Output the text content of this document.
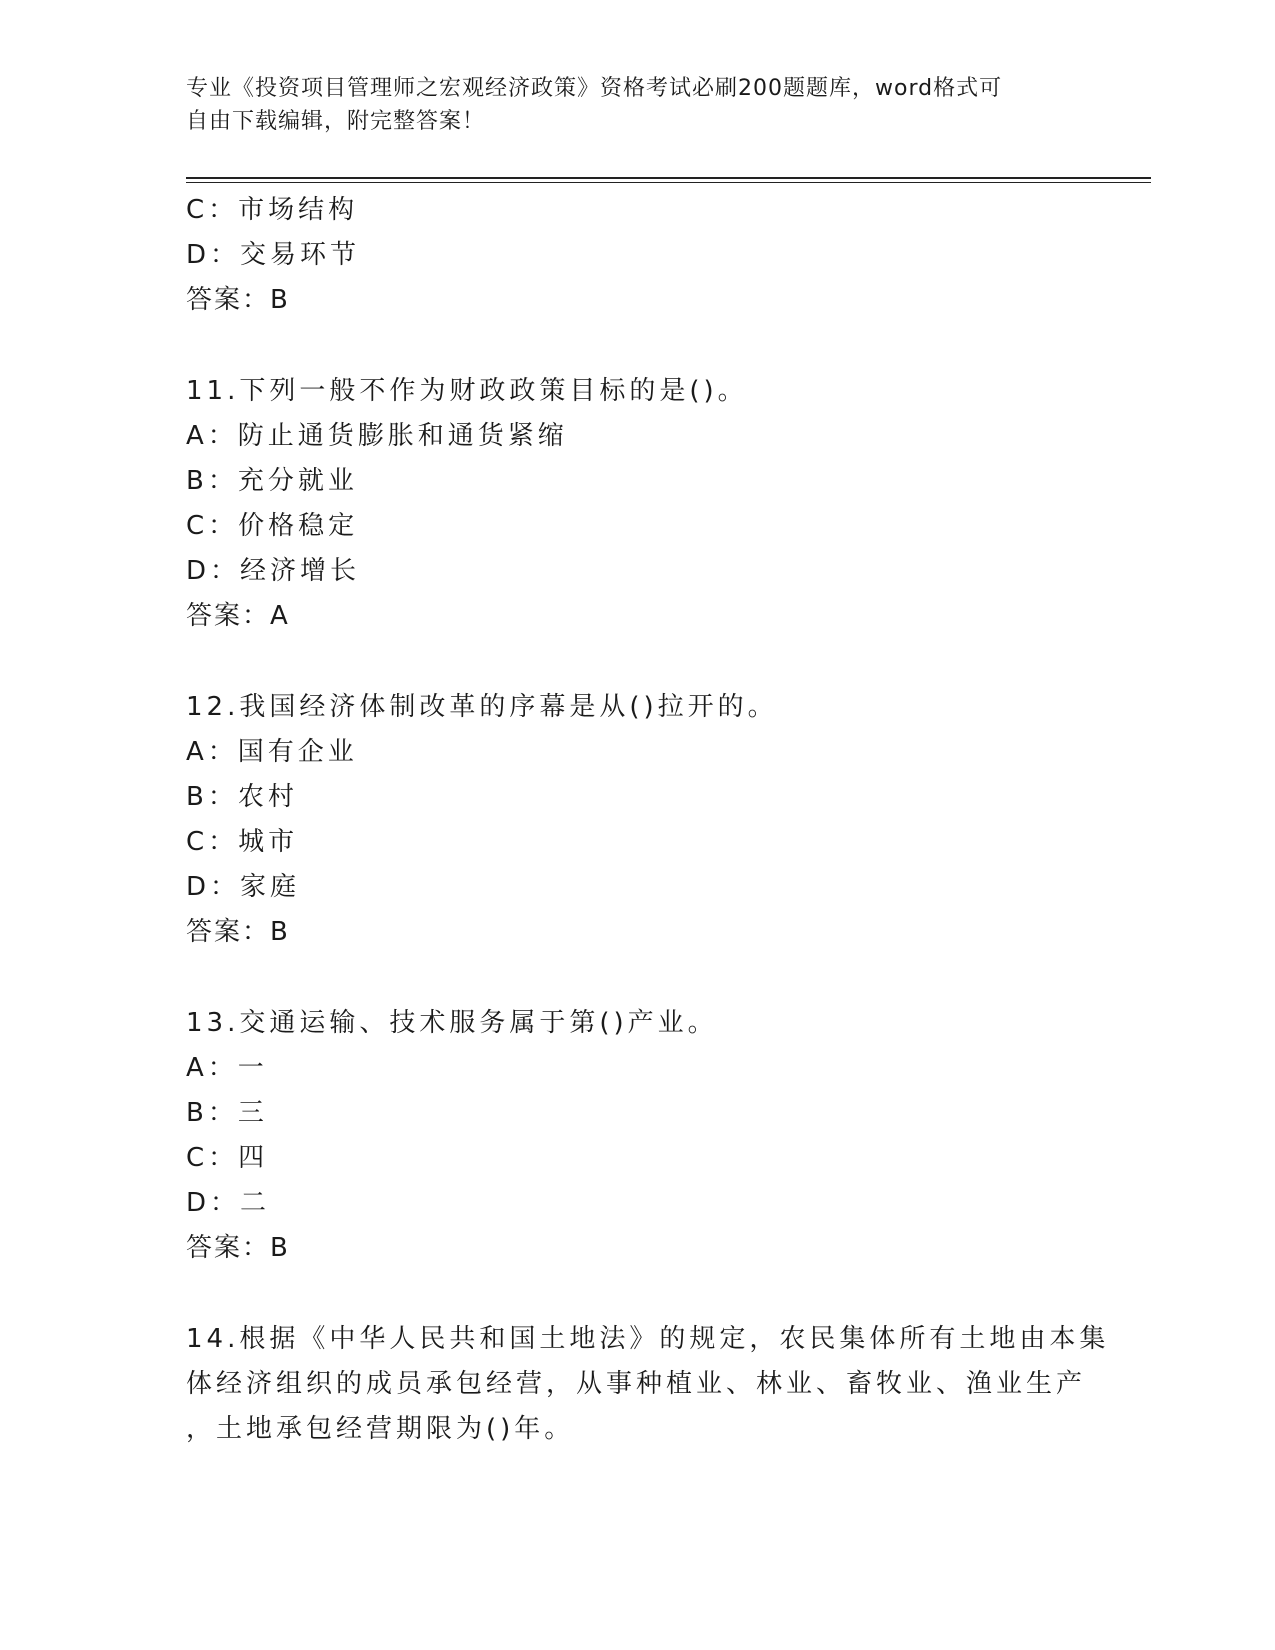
专业《投资项目管理师之宏观经济政策》资格考试必刷200题题库，word格式可
自由下载编辑，附完整答案！
C：市场结构
D：交易环节
答案：B
11.下列一般不作为财政政策目标的是()。
A：防止通货膨胀和通货紧缩
B：充分就业
C：价格稳定
D：经济增长
答案：A
12.我国经济体制改革的序幕是从()拉开的。
A：国有企业
B：农村
C：城市
D：家庭
答案：B
13.交通运输、技术服务属于第()产业。
A：一
B：三
C：四
D：二
答案：B
14.根据《中华人民共和国土地法》的规定，农民集体所有土地由本集
体经济组织的成员承包经营，从事种植业、林业、畜牧业、渔业生产
，土地承包经营期限为()年。
